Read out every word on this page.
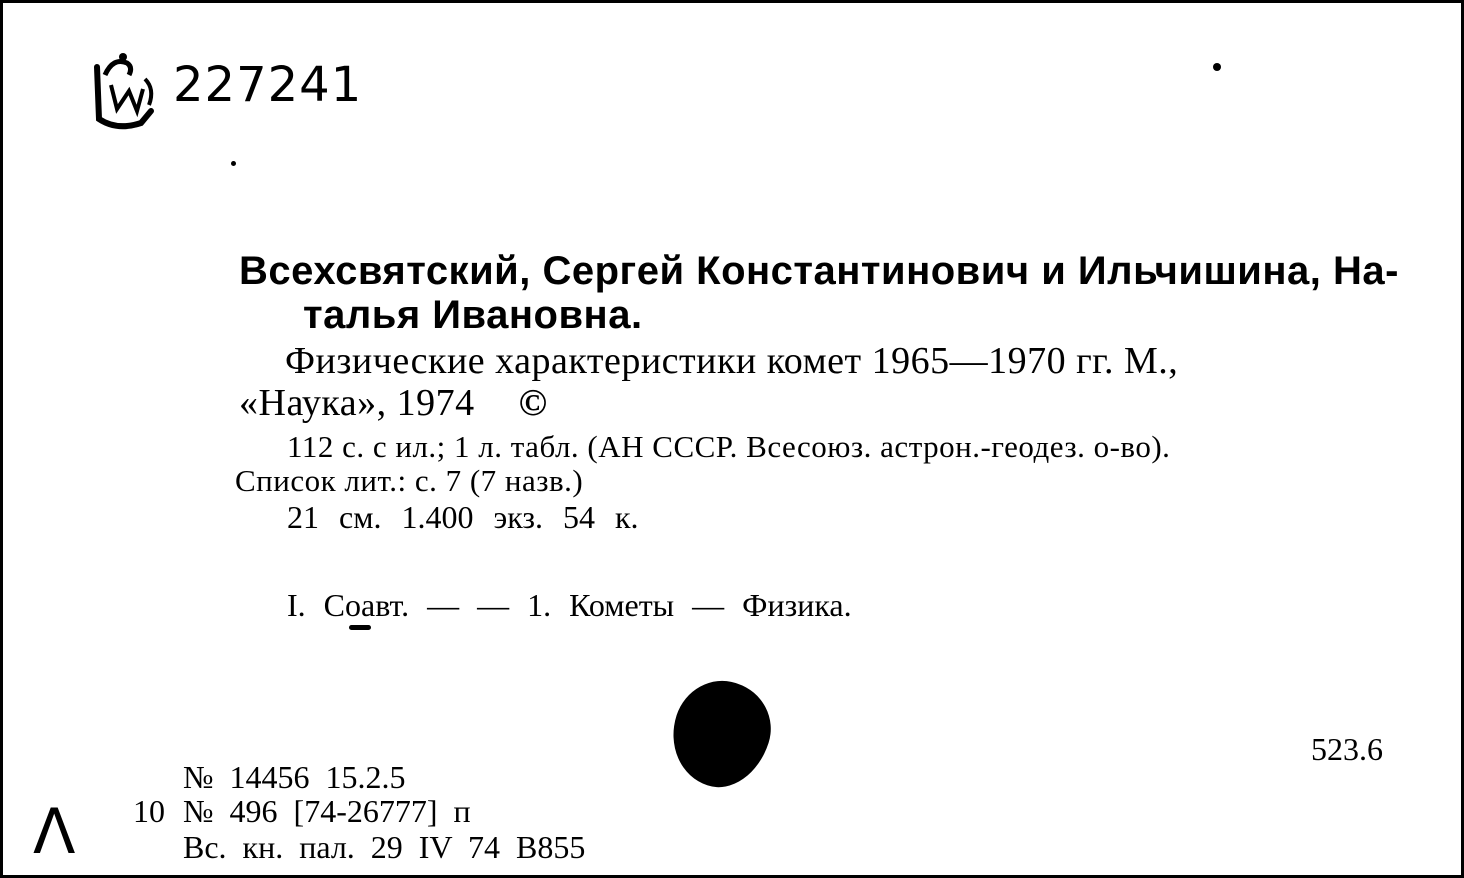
227241
Всехсвятский, Сергей Константинович и Ильчишина, На-
талья Ивановна.
Физические характеристики комет 1965—1970 гг. М.,
«Наука», 1974 ©
112 с. с ил.; 1 л. табл. (АН СССР. Всесоюз. астрон.-геодез. о-во).
Список лит.: с. 7 (7 назв.)
21 см. 1.400 экз. 54 к.
I. Соавт. — — 1. Кометы — Физика.
523.6
№ 14456 15.2.5
10 № 496 [74-26777] п
Вс. кн. пал. 29 IV 74 В855
Λ
